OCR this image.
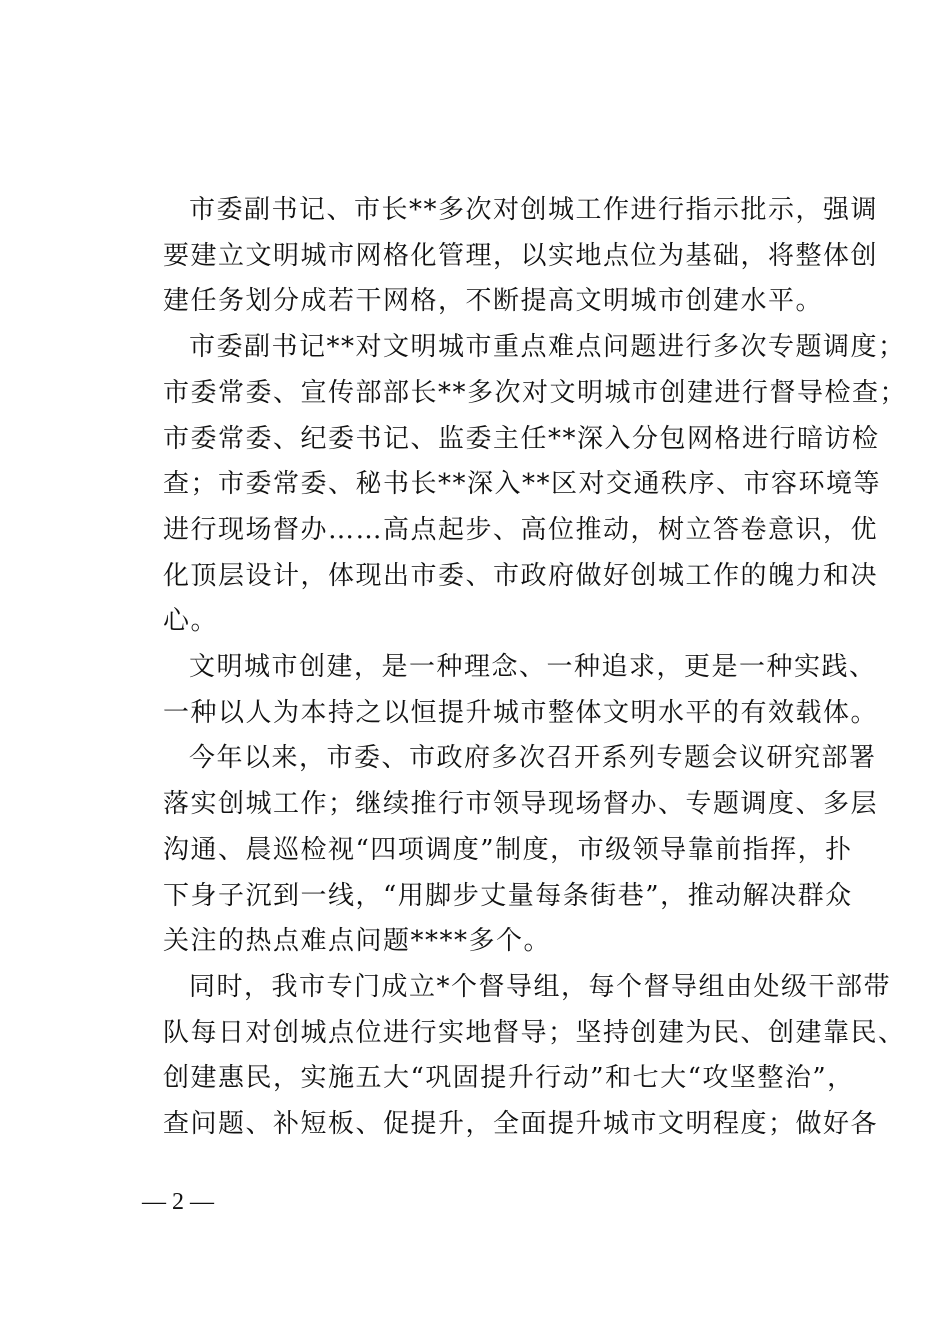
市委副书记、市长**多次对创城工作进行指示批示，强调
要建立文明城市网格化管理，以实地点位为基础，将整体创
建任务划分成若干网格，不断提高文明城市创建水平。

市委副书记**对文明城市重点难点问题进行多次专题调度；
市委常委、宣传部部长**多次对文明城市创建进行督导检查；
市委常委、纪委书记、监委主任**深入分包网格进行暗访检
查；市委常委、秘书长**深入**区对交通秩序、市容环境等
进行现场督办……高点起步、高位推动，树立答卷意识，优
化顶层设计，体现出市委、市政府做好创城工作的魄力和决
心。

文明城市创建，是一种理念、一种追求，更是一种实践、
一种以人为本持之以恒提升城市整体文明水平的有效载体。

今年以来，市委、市政府多次召开系列专题会议研究部署
落实创城工作；继续推行市领导现场督办、专题调度、多层
沟通、晨巡检视“四项调度”制度，市级领导靠前指挥，扑
下身子沉到一线，“用脚步丈量每条街巷”，推动解决群众
关注的热点难点问题****多个。

同时，我市专门成立*个督导组，每个督导组由处级干部带
队每日对创城点位进行实地督导；坚持创建为民、创建靠民、
创建惠民，实施五大“巩固提升行动”和七大“攻坚整治”，
查问题、补短板、促提升，全面提升城市文明程度；做好各

— 2 —
